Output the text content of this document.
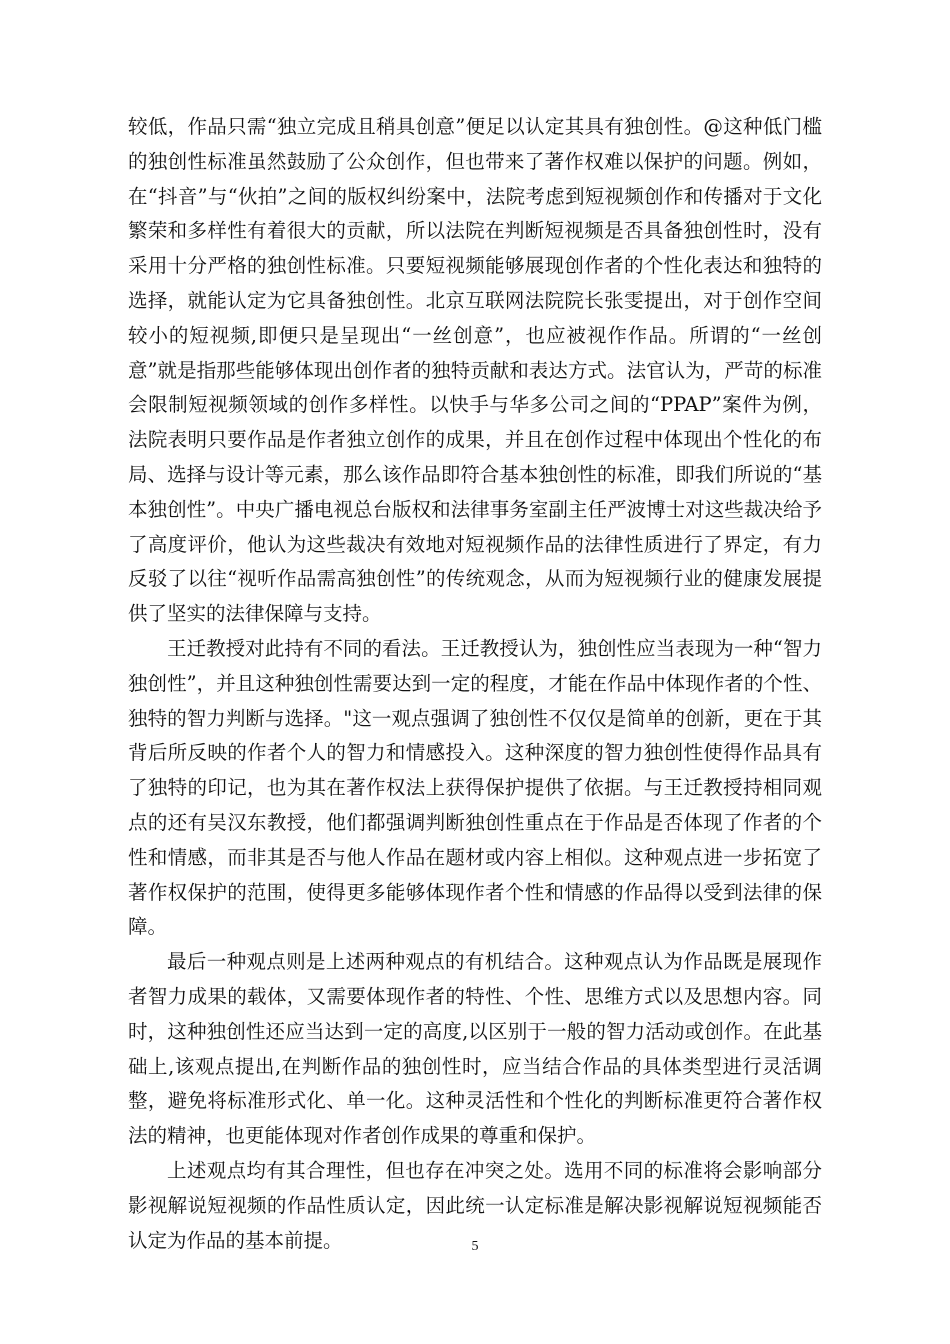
较低，作品只需“独立完成且稍具创意”便足以认定其具有独创性。@这种低门槛的独创性标准虽然鼓励了公众创作，但也带来了著作权难以保护的问题。例如，在“抖音”与“伙拍”之间的版权纠纷案中，法院考虑到短视频创作和传播对于文化繁荣和多样性有着很大的贡献，所以法院在判断短视频是否具备独创性时，没有采用十分严格的独创性标准。只要短视频能够展现创作者的个性化表达和独特的选择，就能认定为它具备独创性。北京互联网法院院长张雯提出，对于创作空间较小的短视频,即便只是呈现出“一丝创意”，也应被视作作品。所谓的“一丝创意”就是指那些能够体现出创作者的独特贡献和表达方式。法官认为，严苛的标准会限制短视频领域的创作多样性。以快手与华多公司之间的“PPAP”案件为例，法院表明只要作品是作者独立创作的成果，并且在创作过程中体现出个性化的布局、选择与设计等元素，那么该作品即符合基本独创性的标准，即我们所说的“基本独创性”。中央广播电视总台版权和法律事务室副主任严波博士对这些裁决给予了高度评价，他认为这些裁决有效地对短视频作品的法律性质进行了界定，有力反驳了以往“视听作品需高独创性”的传统观念，从而为短视频行业的健康发展提供了坚实的法律保障与支持。

王迁教授对此持有不同的看法。王迁教授认为，独创性应当表现为一种“智力独创性”，并且这种独创性需要达到一定的程度，才能在作品中体现作者的个性、独特的智力判断与选择。"这一观点强调了独创性不仅仅是简单的创新，更在于其背后所反映的作者个人的智力和情感投入。这种深度的智力独创性使得作品具有了独特的印记，也为其在著作权法上获得保护提供了依据。与王迁教授持相同观点的还有吴汉东教授，他们都强调判断独创性重点在于作品是否体现了作者的个性和情感，而非其是否与他人作品在题材或内容上相似。这种观点进一步拓宽了著作权保护的范围，使得更多能够体现作者个性和情感的作品得以受到法律的保障。

最后一种观点则是上述两种观点的有机结合。这种观点认为作品既是展现作者智力成果的载体，又需要体现作者的特性、个性、思维方式以及思想内容。同时，这种独创性还应当达到一定的高度,以区别于一般的智力活动或创作。在此基础上,该观点提出,在判断作品的独创性时，应当结合作品的具体类型进行灵活调整，避免将标准形式化、单一化。这种灵活性和个性化的判断标准更符合著作权法的精神，也更能体现对作者创作成果的尊重和保护。

上述观点均有其合理性，但也存在冲突之处。选用不同的标准将会影响部分影视解说短视频的作品性质认定，因此统一认定标准是解决影视解说短视频能否认定为作品的基本前提。	5
